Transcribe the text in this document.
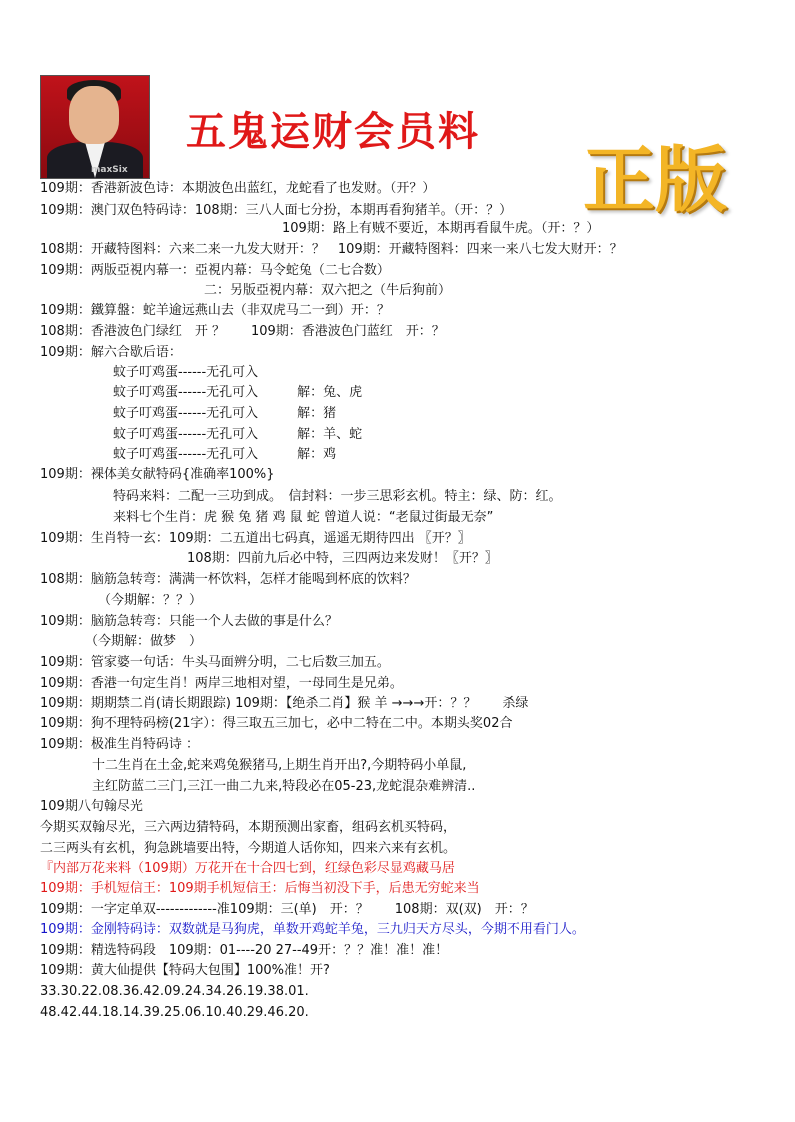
maxSix
五鬼运财会员料
正版
109期：香港新波色诗：本期波色出蓝红，龙蛇看了也发财。（开？）
109期：澳门双色特码诗：108期：三八人面七分扮，本期再看狗猪羊。（开：？）
109期：路上有贼不要近，本期再看鼠牛虎。（开：？）
108期：开藏特图料：六来二来一九发大财开：？　109期：开藏特图料：四来一来八七发大财开：？
109期：两版亞視内幕一：亞視内幕：马令蛇兔（二七合数）
二：另版亞視内幕：双六把之（牛后狗前）
109期：鐵算盤：蛇羊逾远燕山去（非双虎马二一到）开：？
108期：香港波色门绿红　开 ？　　109期：香港波色门蓝红　开：？
109期：解六合歇后语：
蚊子叮鸡蛋------无孔可入
蚊子叮鸡蛋------无孔可入　　　解：兔、虎
蚊子叮鸡蛋------无孔可入　　　解：猪
蚊子叮鸡蛋------无孔可入　　　解：羊、蛇
蚊子叮鸡蛋------无孔可入　　　解：鸡
109期：裸体美女献特码{准确率100%}
特码来料：二配一三功到成。　信封料：一步三思彩玄机。特主：绿、防：红。
来料七个生肖：虎 猴 兔 猪 鸡 鼠 蛇 曾道人说：“老鼠过街最无奈”
109期：生肖特一玄：109期：二五道出七码真，遥遥无期待四出 〖开？〗
108期：四前九后必中特，三四两边来发财！〖开？〗
108期：脑筋急转弯：满满一杯饮料，怎样才能喝到杯底的饮料？
（今期解：？？）
109期：脑筋急转弯：只能一个人去做的事是什么？
（今期解：做梦　）
109期：管家婆一句话：牛头马面辨分明，二七后数三加五。
109期：香港一句定生肖！两岸三地相对望，一母同生是兄弟。
109期：期期禁二肖(请长期跟踪) 109期：【绝杀二肖】猴 羊 →→→开：？？　　杀绿
109期：狗不理特码榜(21字）：得三取五三加七，必中二特在二中。本期头奖02合
109期：极准生肖特码诗 ：
十二生肖在土金,蛇来鸡兔猴猪马,上期生肖开出?,今期特码小单鼠,
主红防蓝二三门,三江一曲二九来,特段必在05-23,龙蛇混杂难辨清..
109期八句翰尽光
今期买双翰尽光，三六两边猜特码，本期预测出家畜，组码玄机买特码，
二三两头有玄机，狗急跳墙要出特，今期道人话你知，四来六来有玄机。
『内部万花来料（109期）万花开在十合四七到，红绿色彩尽显鸡藏马居
109期：手机短信王：109期手机短信王：后悔当初没下手，后患无穷蛇来当
109期：一字定单双-------------准109期：三(单)　开：？　　108期：双(双)　开：？
109期：金刚特码诗：双数就是马狗虎，单数开鸡蛇羊兔，三九归天方尽头，今期不用看门人。
109期：精选特码段　109期：01----20 27--49开：？？准！准！准！
109期：黄大仙提供【特码大包围】100%准！开?
33.30.22.08.36.42.09.24.34.26.19.38.01.
48.42.44.18.14.39.25.06.10.40.29.46.20.
